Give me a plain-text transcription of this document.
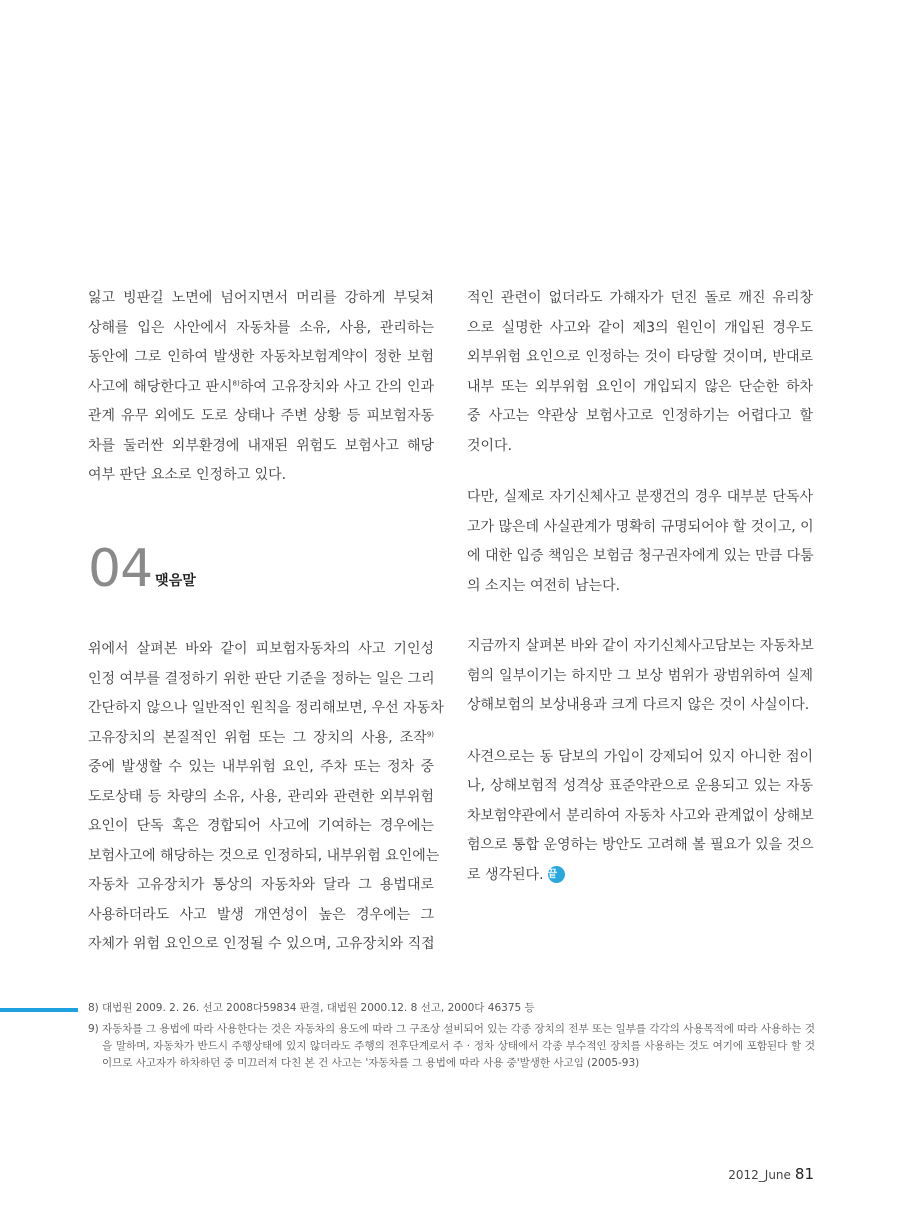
잃고 빙판길 노면에 넘어지면서 머리를 강하게 부딪쳐
상해를 입은 사안에서 자동차를 소유, 사용, 관리하는
동안에 그로 인하여 발생한 자동차보험계약이 정한 보험
사고에 해당한다고 판시$^{8)}$하여 고유장치와 사고 간의 인과
관계 유무 외에도 도로 상태나 주변 상황 등 피보험자동
차를 둘러싼 외부환경에 내재된 위험도 보험사고 해당
여부 판단 요소로 인정하고 있다.
04 맺음말
위에서 살펴본 바와 같이 피보험자동차의 사고 기인성
인정 여부를 결정하기 위한 판단 기준을 정하는 일은 그리
간단하지 않으나 일반적인 원칙을 정리해보면, 우선 자동차
고유장치의 본질적인 위험 또는 그 장치의 사용, 조작$^{9)}$
중에 발생할 수 있는 내부위험 요인, 주차 또는 정차 중
도로상태 등 차량의 소유, 사용, 관리와 관련한 외부위험
요인이 단독 혹은 경합되어 사고에 기여하는 경우에는
보험사고에 해당하는 것으로 인정하되, 내부위험 요인에는
자동차 고유장치가 통상의 자동차와 달라 그 용법대로
사용하더라도 사고 발생 개연성이 높은 경우에는 그
자체가 위험 요인으로 인정될 수 있으며, 고유장치와 직접
적인 관련이 없더라도 가해자가 던진 돌로 깨진 유리창
으로 실명한 사고와 같이 제3의 원인이 개입된 경우도
외부위험 요인으로 인정하는 것이 타당할 것이며, 반대로
내부 또는 외부위험 요인이 개입되지 않은 단순한 하차
중 사고는 약관상 보험사고로 인정하기는 어렵다고 할
것이다.
다만, 실제로 자기신체사고 분쟁건의 경우 대부분 단독사
고가 많은데 사실관계가 명확히 규명되어야 할 것이고, 이
에 대한 입증 책임은 보험금 청구권자에게 있는 만큼 다툼
의 소지는 여전히 남는다.
지금까지 살펴본 바와 같이 자기신체사고담보는 자동차보
험의 일부이기는 하지만 그 보상 범위가 광범위하여 실제
상해보험의 보상내용과 크게 다르지 않은 것이 사실이다.
사견으로는 동 담보의 가입이 강제되어 있지 아니한 점이
나, 상해보험적 성격상 표준약관으로 운용되고 있는 자동
차보험약관에서 분리하여 자동차 사고와 관계없이 상해보
험으로 통합 운영하는 방안도 고려해 볼 필요가 있을 것으
로 생각된다. 끝
8) 대법원 2009. 2. 26. 선고 2008다59834 판결, 대법원 2000.12. 8 선고, 2000다 46375 등
9) 자동차를 그 용법에 따라 사용한다는 것은 자동차의 용도에 따라 그 구조상 설비되어 있는 각종 장치의 전부 또는 일부를 각각의 사용목적에 따라 사용하는 것을 말하며, 자동차가 반드시 주행상태에 있지 않더라도 주행의 전후단계로서 주 · 정차 상태에서 각종 부수적인 장치를 사용하는 것도 여기에 포함된다 할 것이므로 사고자가 하차하던 중 미끄러져 다친 본 건 사고는 '자동차를 그 용법에 따라 사용 중'발생한 사고임 (2005-93)
2012_June 81
